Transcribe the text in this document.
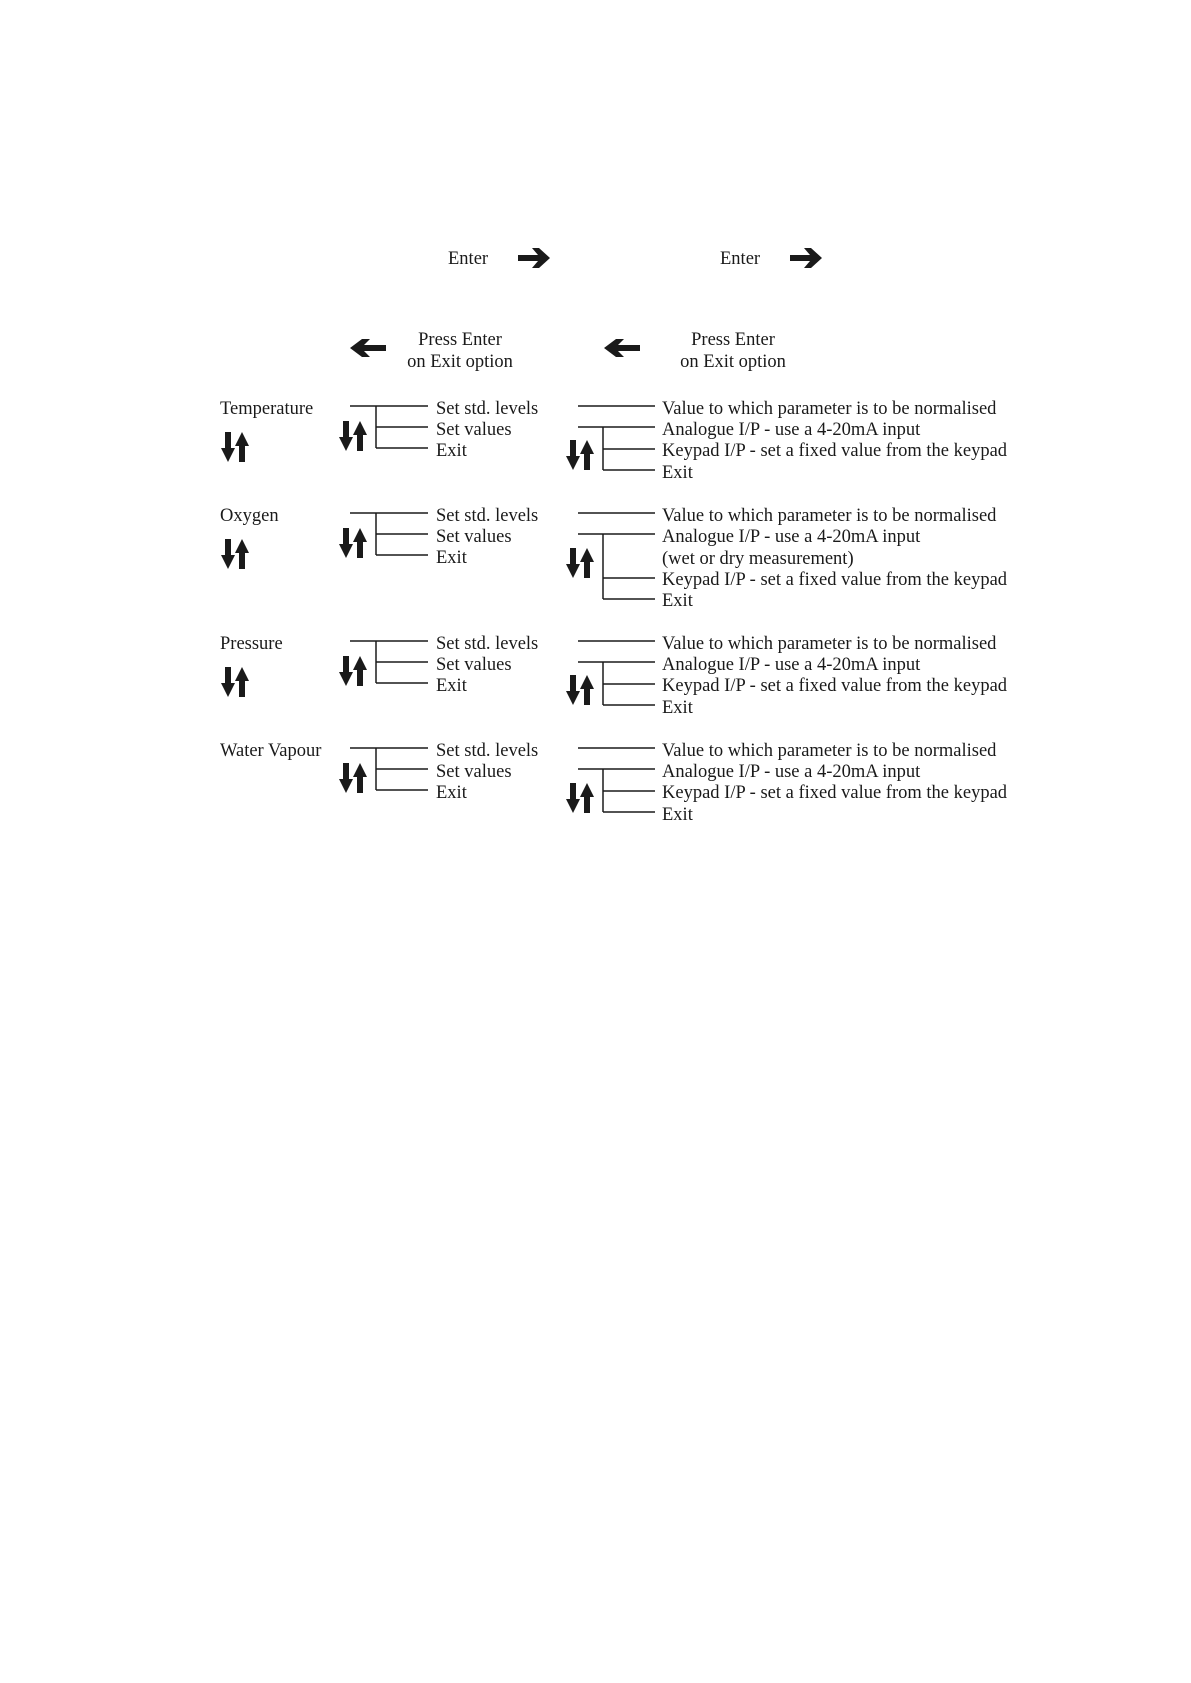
Enter	Enter
Press Enter
on Exit option
Press Enter
on Exit option
Temperature	Set std. levels
Set values
Exit
Value to which parameter is to be normalised
Analogue I/P - use a 4-20mA input
Keypad I/P - set a fixed value from the keypad
Exit
Oxygen	Set std. levels
Set values
Exit
Value to which parameter is to be normalised
Analogue I/P - use a 4-20mA input
(wet or dry measurement)
Keypad I/P - set a fixed value from the keypad
Exit
Pressure	Set std. levels
Set values
Exit
Value to which parameter is to be normalised
Analogue I/P - use a 4-20mA input
Keypad I/P - set a fixed value from the keypad
Exit
Water Vapour	Set std. levels
Set values
Exit
Value to which parameter is to be normalised
Analogue I/P - use a 4-20mA input
Keypad I/P - set a fixed value from the keypad
Exit
